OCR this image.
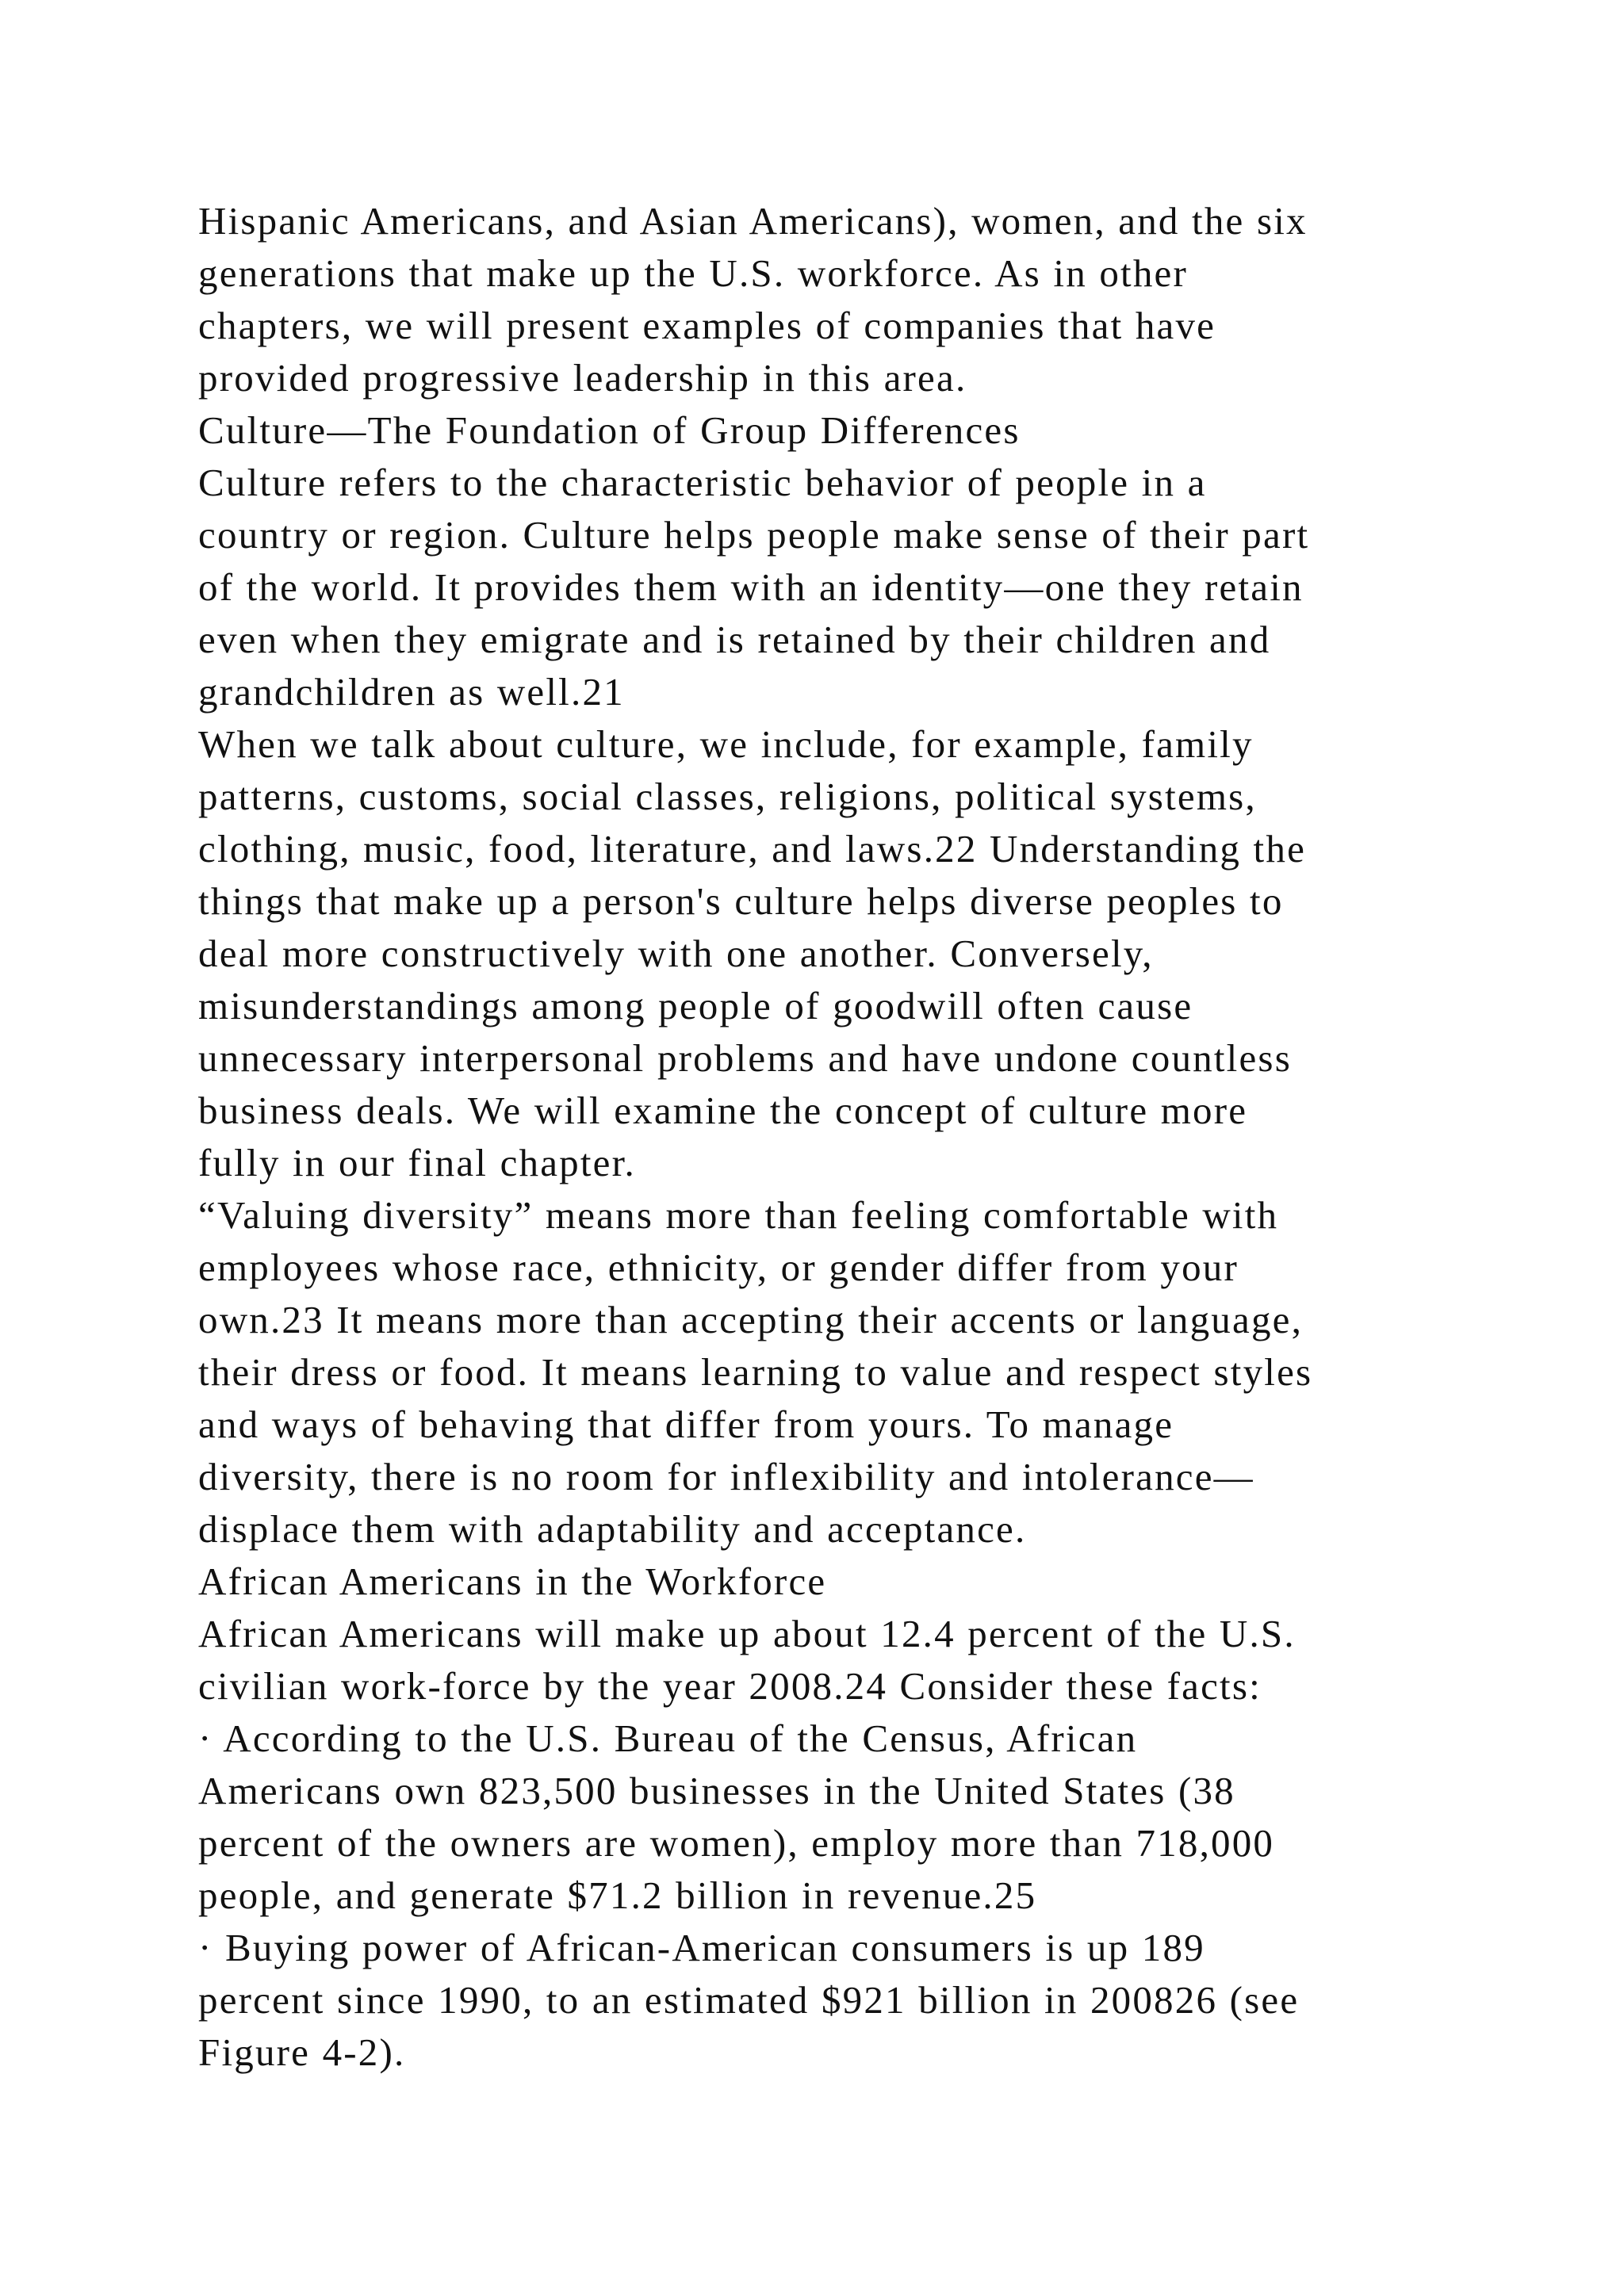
Hispanic Americans, and Asian Americans), women, and the six
generations that make up the U.S. workforce. As in other
chapters, we will present examples of companies that have
provided progressive leadership in this area.
Culture—The Foundation of Group Differences
Culture refers to the characteristic behavior of people in a
country or region. Culture helps people make sense of their part
of the world. It provides them with an identity—one they retain
even when they emigrate and is retained by their children and
grandchildren as well.21
When we talk about culture, we include, for example, family
patterns, customs, social classes, religions, political systems,
clothing, music, food, literature, and laws.22 Understanding the
things that make up a person's culture helps diverse peoples to
deal more constructively with one another. Conversely,
misunderstandings among people of goodwill often cause
unnecessary interpersonal problems and have undone countless
business deals. We will examine the concept of culture more
fully in our final chapter.
“Valuing diversity” means more than feeling comfortable with
employees whose race, ethnicity, or gender differ from your
own.23 It means more than accepting their accents or language,
their dress or food. It means learning to value and respect styles
and ways of behaving that differ from yours. To manage
diversity, there is no room for inflexibility and intolerance—
displace them with adaptability and acceptance.
African Americans in the Workforce
African Americans will make up about 12.4 percent of the U.S.
civilian work-force by the year 2008.24 Consider these facts:
· According to the U.S. Bureau of the Census, African
Americans own 823,500 businesses in the United States (38
percent of the owners are women), employ more than 718,000
people, and generate $71.2 billion in revenue.25
· Buying power of African-American consumers is up 189
percent since 1990, to an estimated $921 billion in 200826 (see
Figure 4-2).
